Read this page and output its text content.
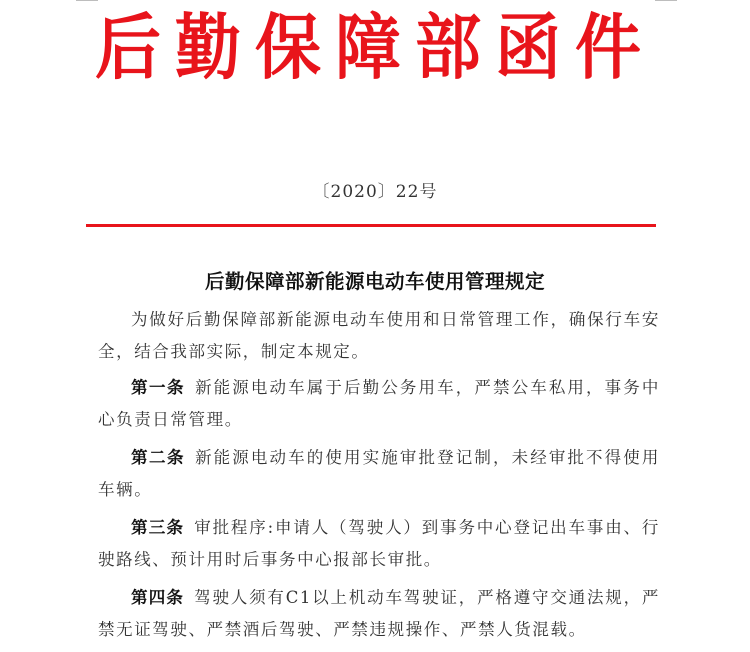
后勤保障部函件
〔2020〕22号
后勤保障部新能源电动车使用管理规定

为做好后勤保障部新能源电动车使用和日常管理工作，确保行车安全，结合我部实际，制定本规定。

第一条 新能源电动车属于后勤公务用车，严禁公车私用，事务中心负责日常管理。

第二条 新能源电动车的使用实施审批登记制，未经审批不得使用车辆。

第三条 审批程序:申请人（驾驶人）到事务中心登记出车事由、行驶路线、预计用时后事务中心报部长审批。

第四条 驾驶人须有C1以上机动车驾驶证，严格遵守交通法规，严禁无证驾驶、严禁酒后驾驶、严禁违规操作、严禁人货混载。
